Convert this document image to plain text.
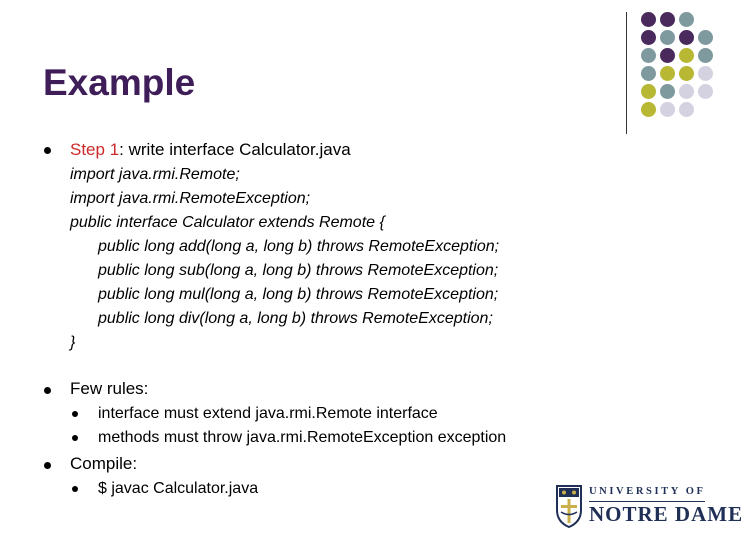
Example
Step 1: write interface Calculator.java
import java.rmi.Remote;
import java.rmi.RemoteException;
public interface Calculator extends Remote {
public long add(long a, long b) throws RemoteException;
public long sub(long a, long b) throws RemoteException;
public long mul(long a, long b) throws RemoteException;
public long div(long a, long b) throws RemoteException;
}
Few rules:
interface must extend java.rmi.Remote interface
methods must throw java.rmi.RemoteException exception
Compile:
$ javac Calculator.java	UNIVERSITY OF
NOTRE DAME
